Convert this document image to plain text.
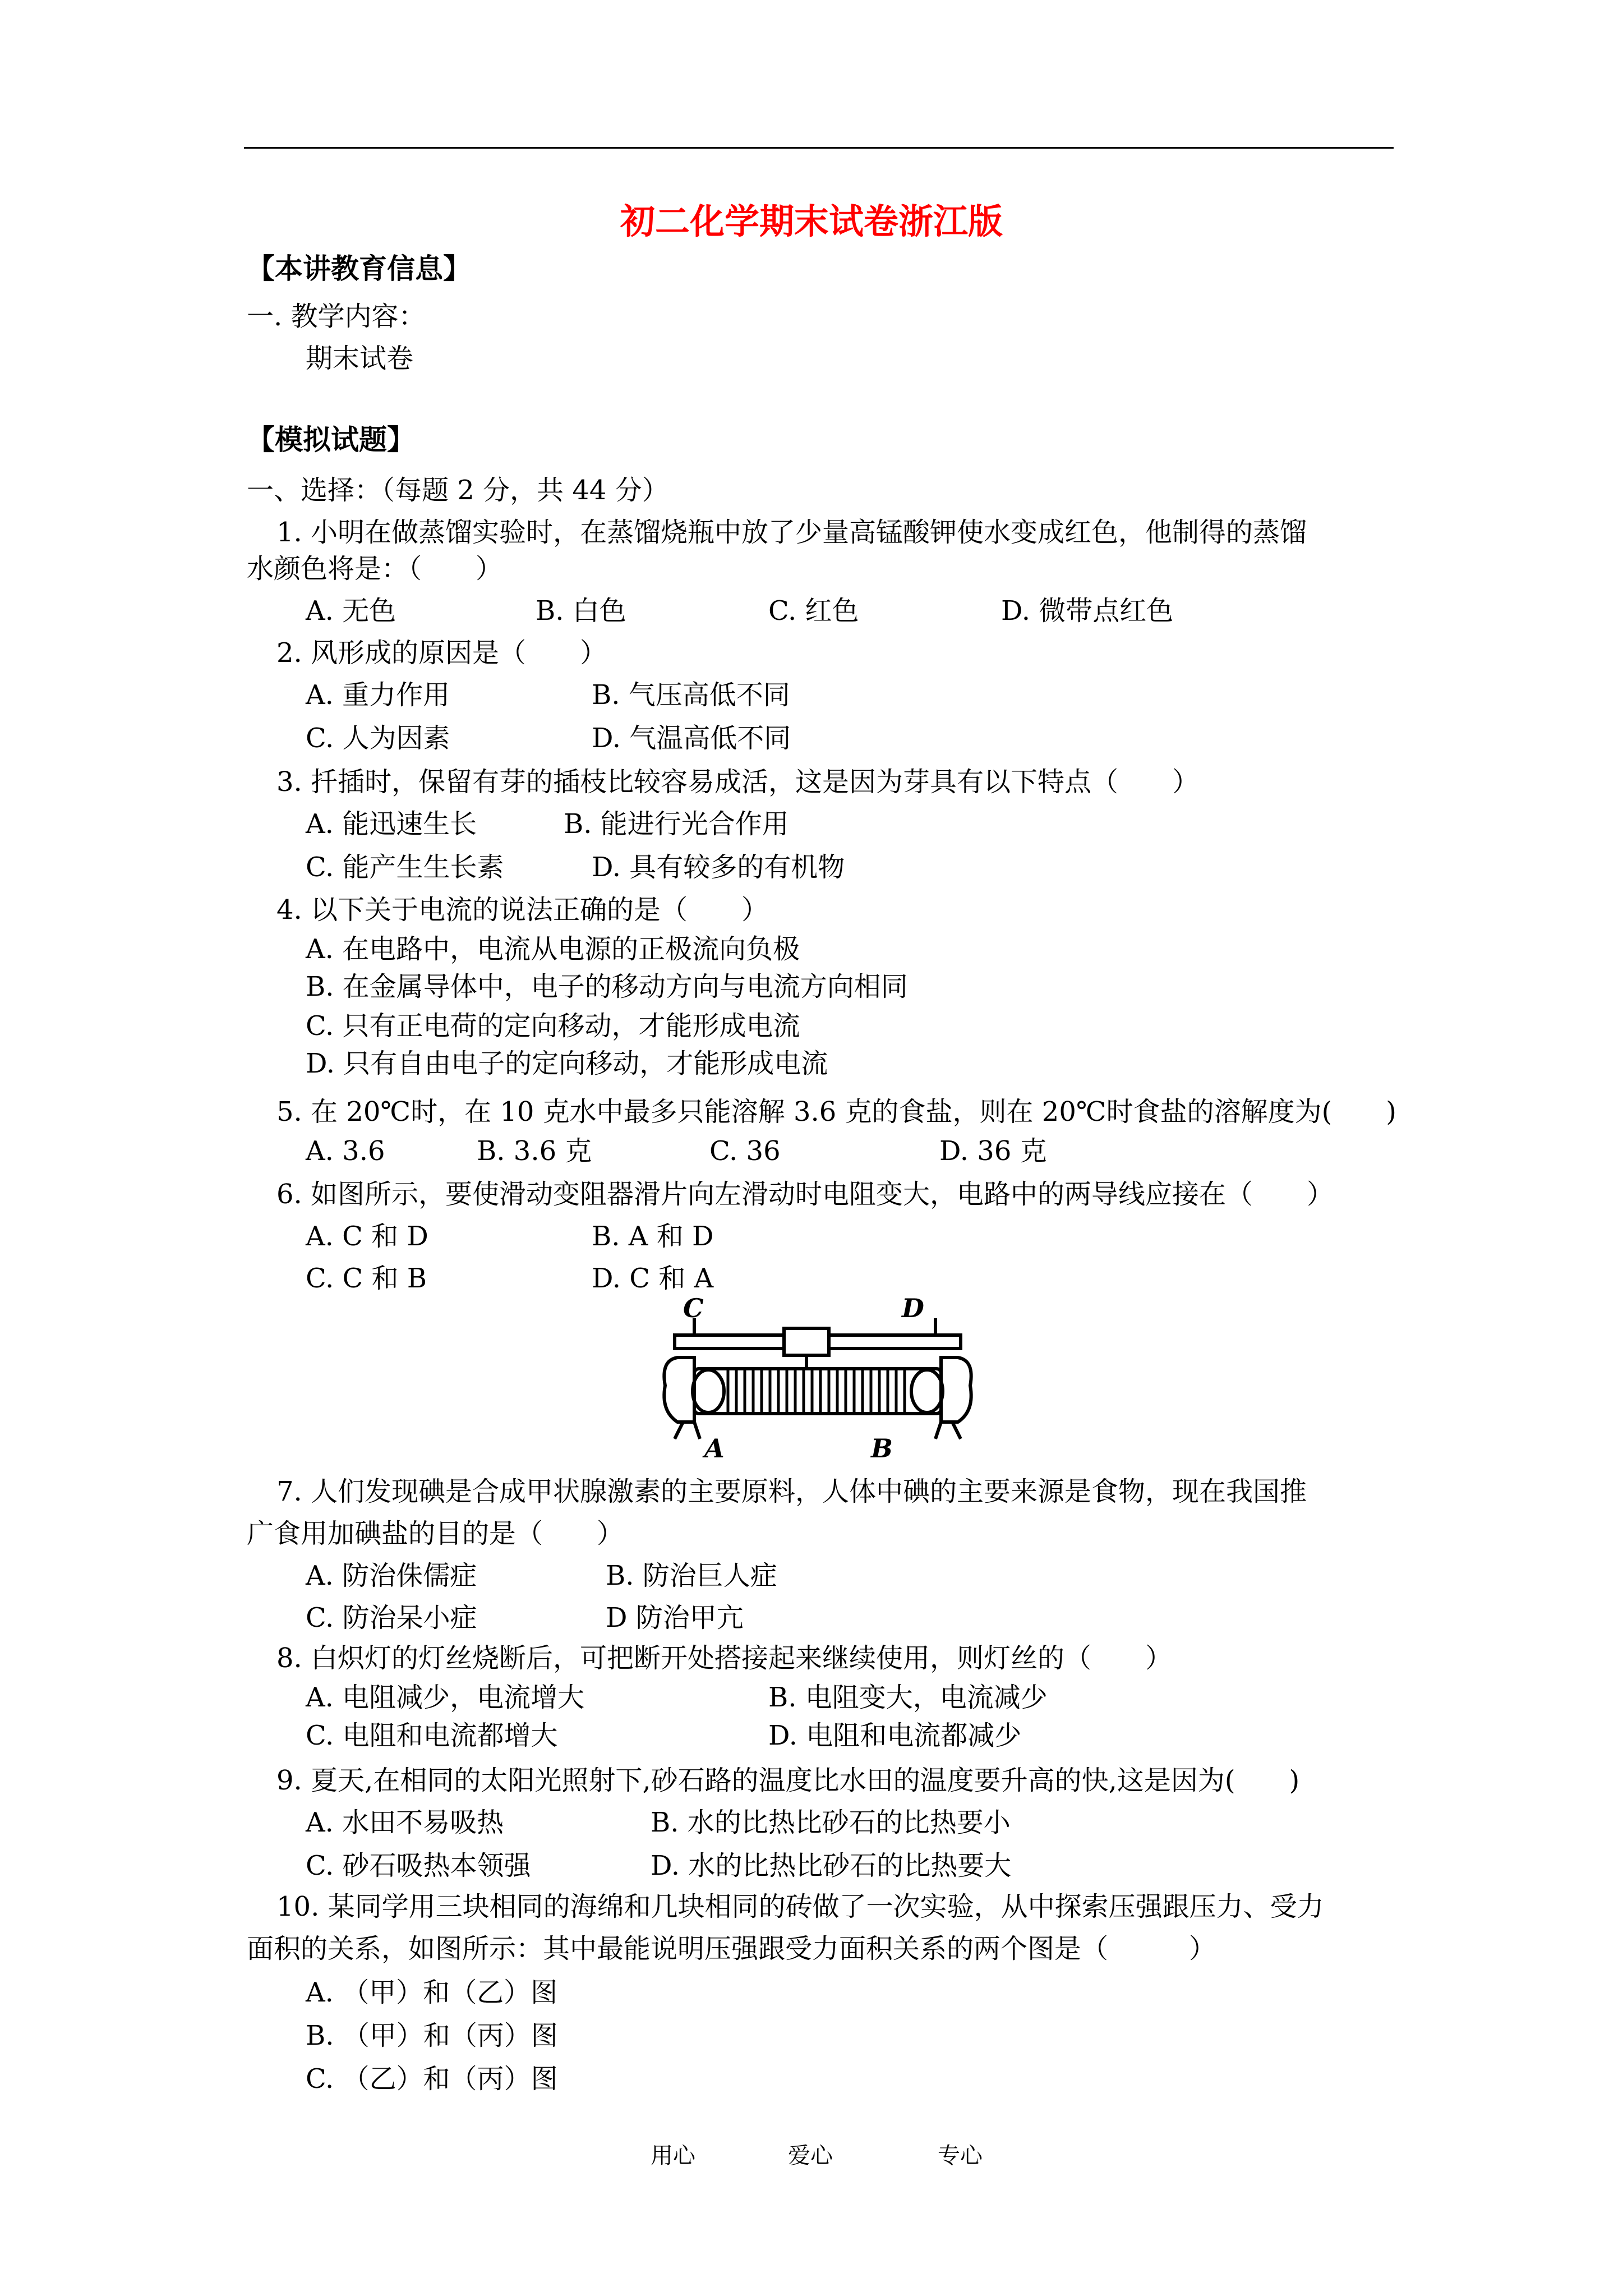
初二化学期末试卷浙江版
【本讲教育信息】
一. 教学内容：
期末试卷
【模拟试题】
一、选择：（每题 2 分，共 44 分）
1. 小明在做蒸馏实验时，在蒸馏烧瓶中放了少量高锰酸钾使水变成红色，他制得的蒸馏
水颜色将是：（　　）
A. 无色	B. 白色	C. 红色	D. 微带点红色
2. 风形成的原因是（　　）
A. 重力作用	B. 气压高低不同
C. 人为因素	D. 气温高低不同
3. 扦插时，保留有芽的插枝比较容易成活，这是因为芽具有以下特点（　　）
A. 能迅速生长	B. 能进行光合作用
C. 能产生生长素	D. 具有较多的有机物
4. 以下关于电流的说法正确的是（　　）
A. 在电路中，电流从电源的正极流向负极
B. 在金属导体中，电子的移动方向与电流方向相同
C. 只有正电荷的定向移动，才能形成电流
D. 只有自由电子的定向移动，才能形成电流
5. 在 20℃时，在 10 克水中最多只能溶解 3.6 克的食盐，则在 20℃时食盐的溶解度为(　　)
A. 3.6	B. 3.6 克	C. 36	D. 36 克
6. 如图所示，要使滑动变阻器滑片向左滑动时电阻变大，电路中的两导线应接在（　　）
A. C 和 D	B. A 和 D
C. C 和 B	D. C 和 A
C	D
A	B
7. 人们发现碘是合成甲状腺激素的主要原料，人体中碘的主要来源是食物，现在我国推
广食用加碘盐的目的是（　　）
A. 防治侏儒症	B. 防治巨人症
C. 防治呆小症	D 防治甲亢
8. 白炽灯的灯丝烧断后，可把断开处搭接起来继续使用，则灯丝的（　　）
A. 电阻减少，电流增大	B. 电阻变大，电流减少
C. 电阻和电流都增大	D. 电阻和电流都减少
9. 夏天,在相同的太阳光照射下,砂石路的温度比水田的温度要升高的快,这是因为(　　)
A. 水田不易吸热	B. 水的比热比砂石的比热要小
C. 砂石吸热本领强	D. 水的比热比砂石的比热要大
10. 某同学用三块相同的海绵和几块相同的砖做了一次实验，从中探索压强跟压力、受力
面积的关系，如图所示：其中最能说明压强跟受力面积关系的两个图是（　　　）
A. （甲）和（乙）图
B. （甲）和（丙）图
C. （乙）和（丙）图
用心	爱心	专心
